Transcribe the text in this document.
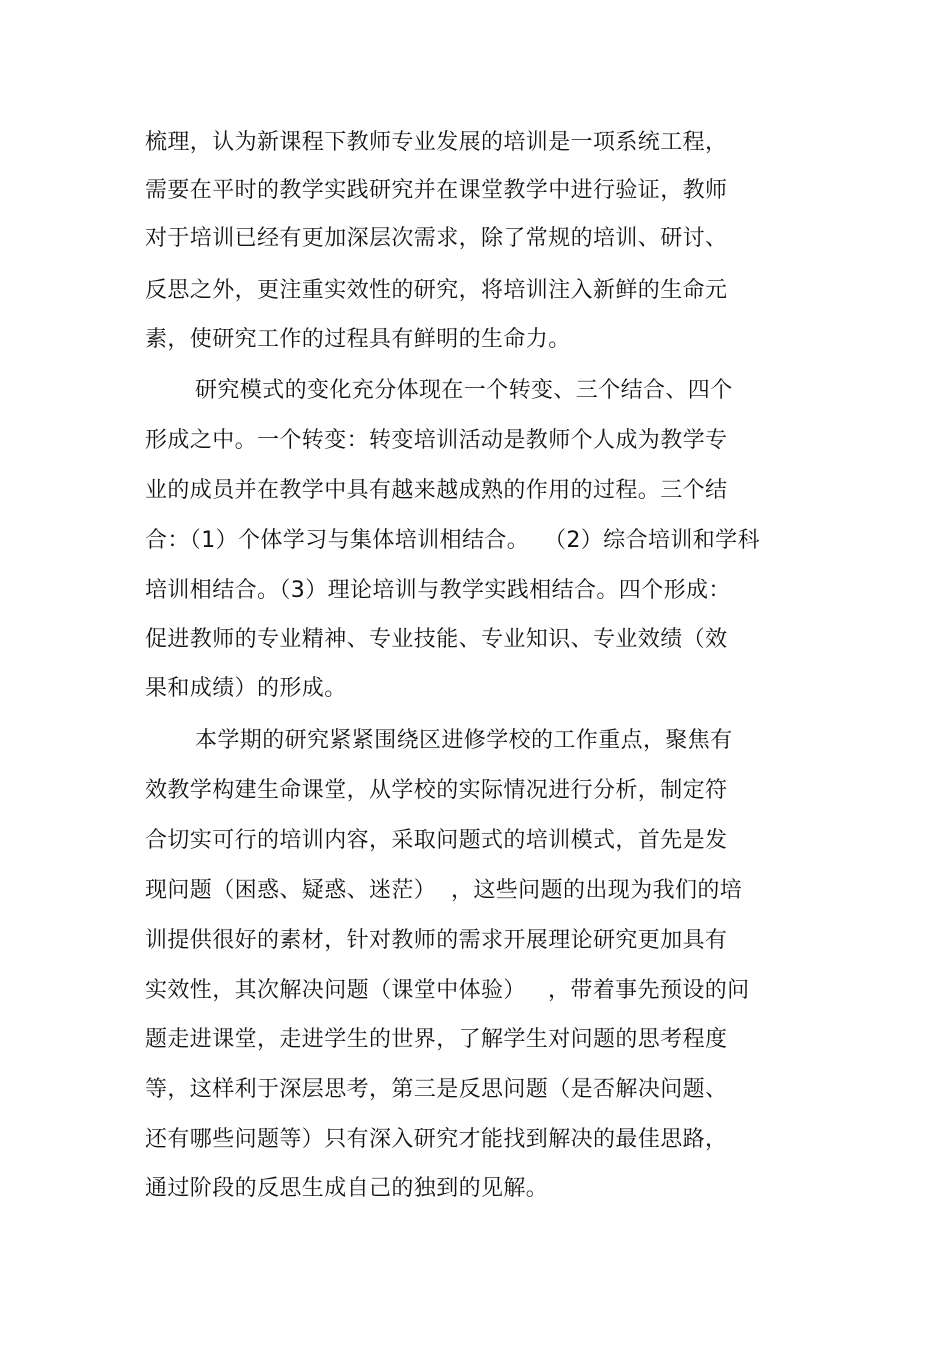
梳理，认为新课程下教师专业发展的培训是一项系统工程，
需要在平时的教学实践研究并在课堂教学中进行验证，教师
对于培训已经有更加深层次需求，除了常规的培训、研讨、
反思之外，更注重实效性的研究，将培训注入新鲜的生命元
素，使研究工作的过程具有鲜明的生命力。
研究模式的变化充分体现在一个转变、三个结合、四个
形成之中。一个转变：转变培训活动是教师个人成为教学专
业的成员并在教学中具有越来越成熟的作用的过程。三个结
合：（1）个体学习与集体培训相结合。  （2）综合培训和学科
培训相结合。（3）理论培训与教学实践相结合。四个形成：
促进教师的专业精神、专业技能、专业知识、专业效绩（效
果和成绩）的形成。
本学期的研究紧紧围绕区进修学校的工作重点，聚焦有
效教学构建生命课堂，从学校的实际情况进行分析，制定符
合切实可行的培训内容，采取问题式的培训模式，首先是发
现问题（困惑、疑惑、迷茫）  ，这些问题的出现为我们的培
训提供很好的素材，针对教师的需求开展理论研究更加具有
实效性，其次解决问题（课堂中体验）   ，带着事先预设的问
题走进课堂，走进学生的世界，了解学生对问题的思考程度
等，这样利于深层思考，第三是反思问题（是否解决问题、
还有哪些问题等）只有深入研究才能找到解决的最佳思路，
通过阶段的反思生成自己的独到的见解。
